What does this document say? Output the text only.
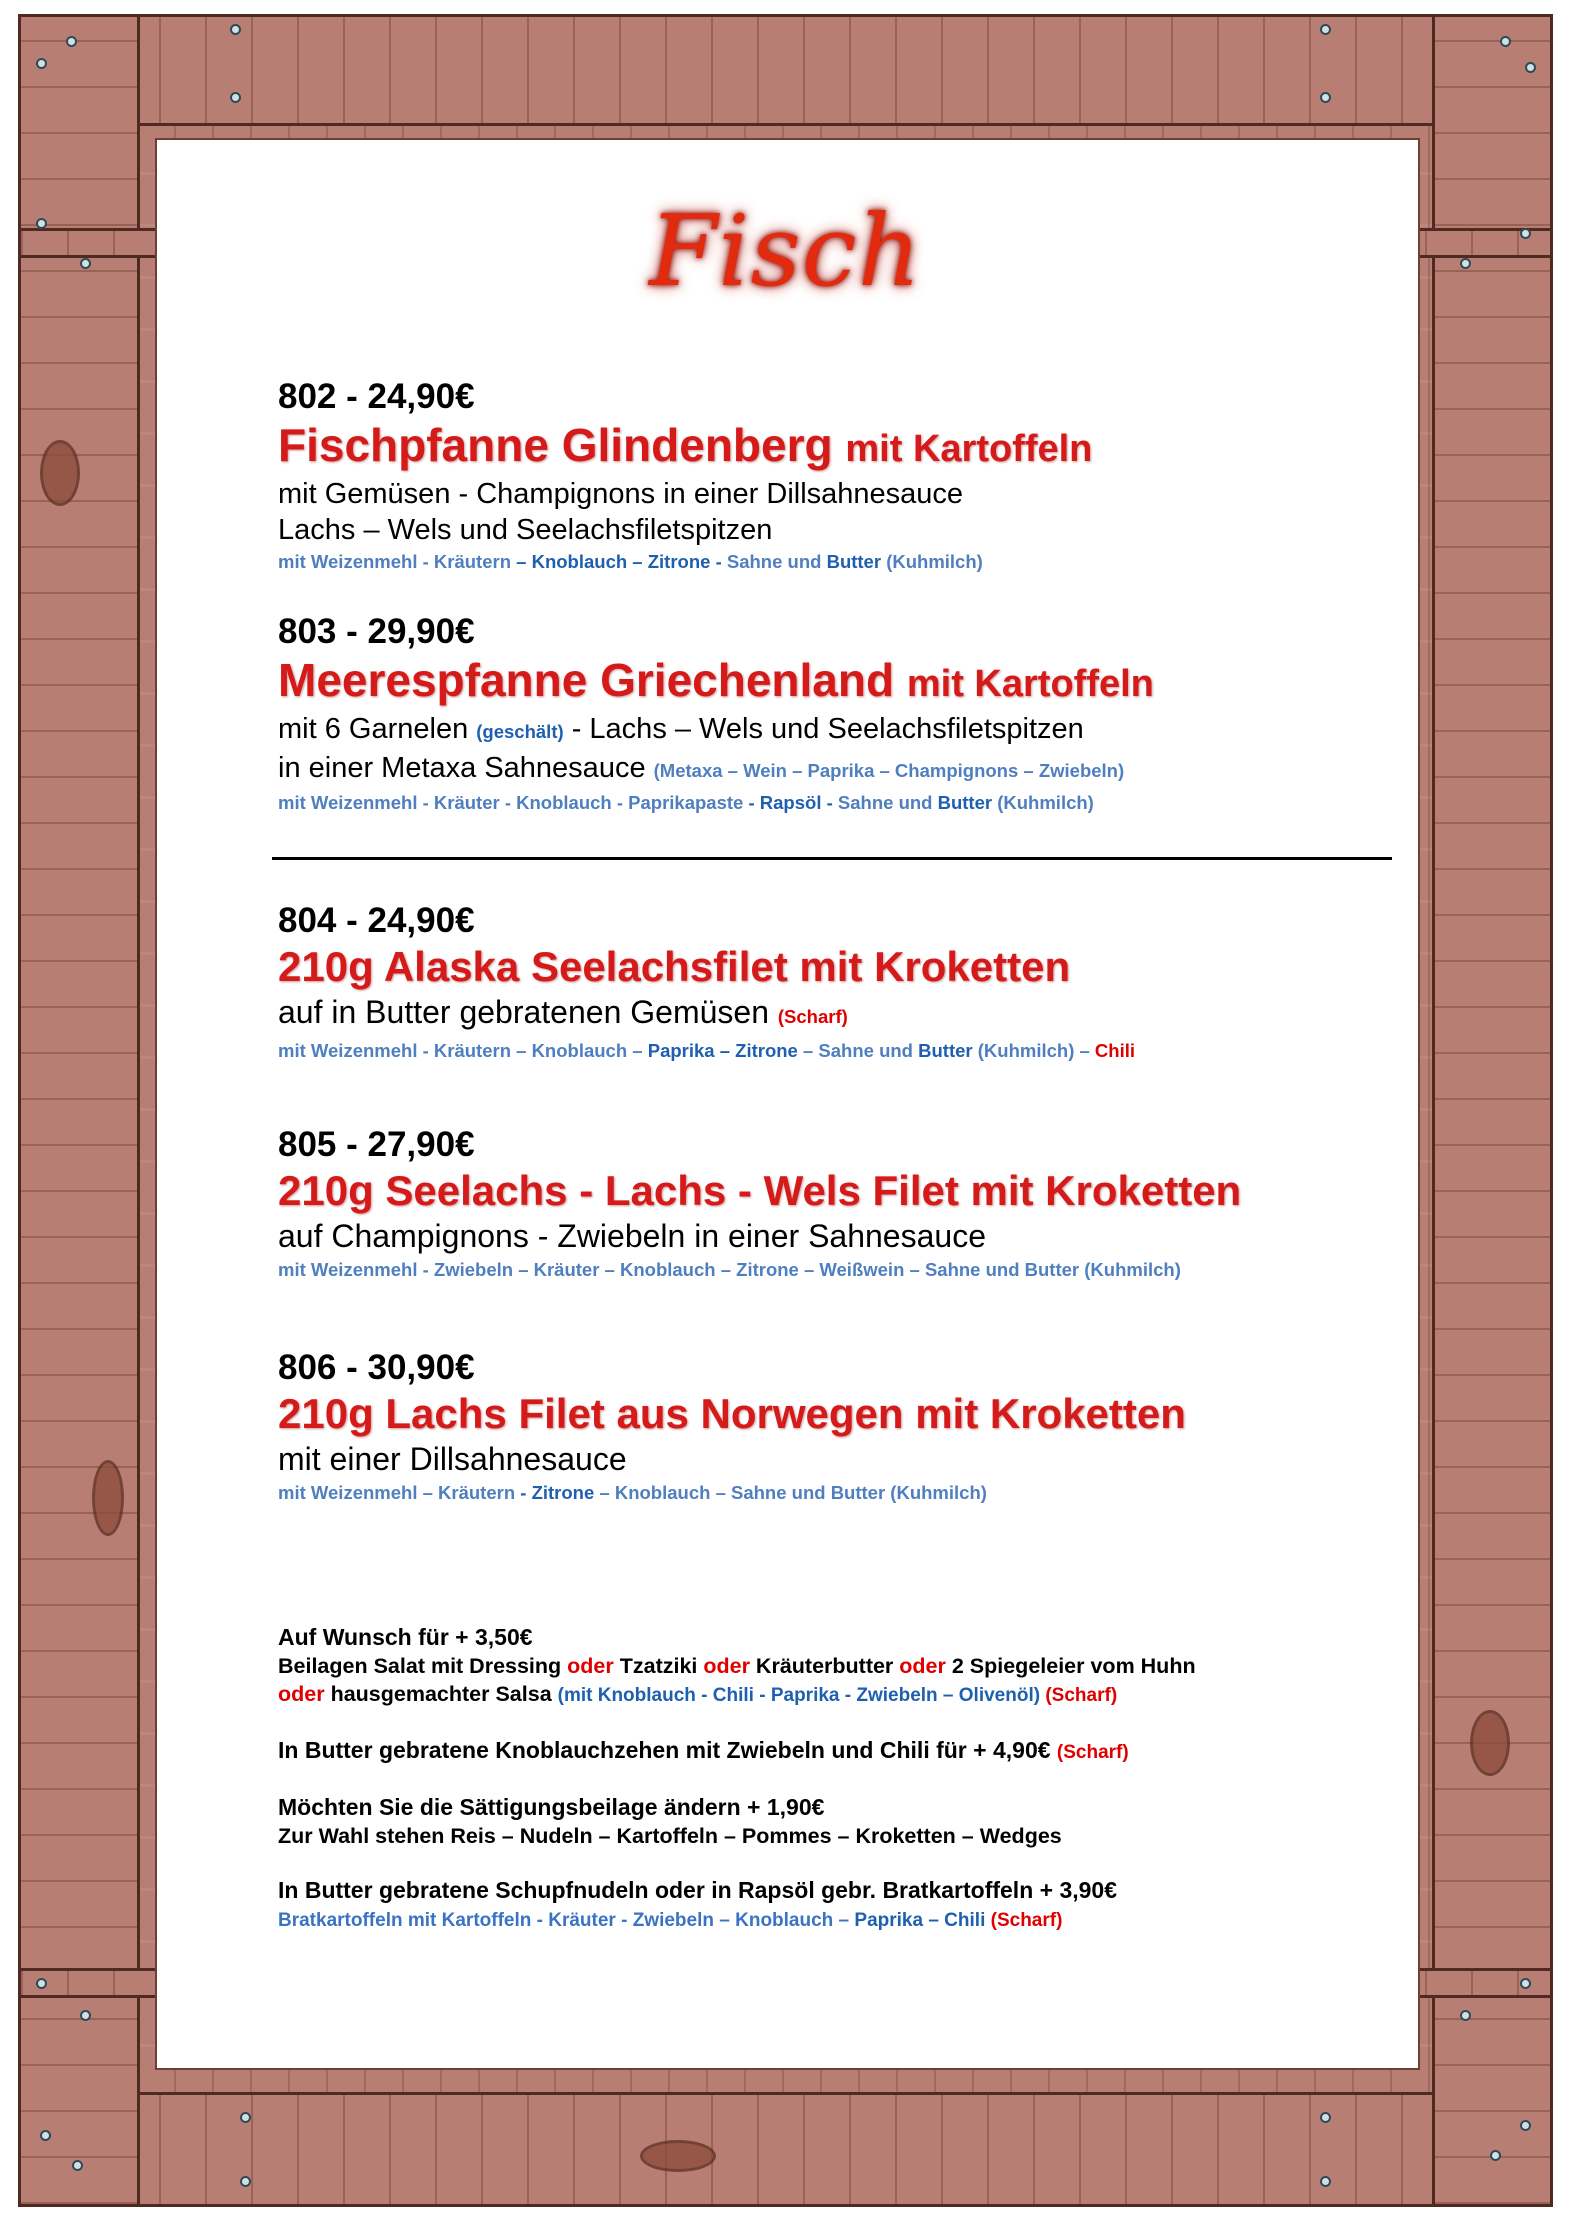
Fisch
802 - 24,90€
Fischpfanne Glindenberg mit Kartoffeln
mit Gemüsen - Champignons in einer Dillsahnesauce
Lachs – Wels und Seelachsfiletspitzen
mit Weizenmehl - Kräutern – Knoblauch – Zitrone - Sahne und Butter (Kuhmilch)
803 - 29,90€
Meerespfanne Griechenland mit Kartoffeln
mit 6 Garnelen (geschält) - Lachs – Wels und Seelachsfiletspitzen
in einer Metaxa Sahnesauce (Metaxa – Wein – Paprika – Champignons – Zwiebeln)
mit Weizenmehl - Kräuter - Knoblauch - Paprikapaste - Rapsöl - Sahne und Butter (Kuhmilch)
804 - 24,90€
210g Alaska Seelachsfilet mit Kroketten
auf in Butter gebratenen Gemüsen (Scharf)
mit Weizenmehl - Kräutern – Knoblauch – Paprika – Zitrone – Sahne und Butter (Kuhmilch) – Chili
805 - 27,90€
210g Seelachs - Lachs - Wels Filet mit Kroketten
auf Champignons - Zwiebeln in einer Sahnesauce
mit Weizenmehl - Zwiebeln – Kräuter – Knoblauch – Zitrone – Weißwein – Sahne und Butter (Kuhmilch)
806 - 30,90€
210g Lachs Filet aus Norwegen mit Kroketten
mit einer Dillsahnesauce
mit Weizenmehl – Kräutern - Zitrone – Knoblauch – Sahne und Butter (Kuhmilch)
Auf Wunsch für + 3,50€
Beilagen Salat mit Dressing oder Tzatziki oder Kräuterbutter oder 2 Spiegeleier vom Huhn
oder hausgemachter Salsa (mit Knoblauch - Chili - Paprika - Zwiebeln – Olivenöl) (Scharf)
In Butter gebratene Knoblauchzehen mit Zwiebeln und Chili für + 4,90€ (Scharf)
Möchten Sie die Sättigungsbeilage ändern + 1,90€
Zur Wahl stehen Reis – Nudeln – Kartoffeln – Pommes – Kroketten – Wedges
In Butter gebratene Schupfnudeln oder in Rapsöl gebr. Bratkartoffeln + 3,90€
Bratkartoffeln mit Kartoffeln - Kräuter - Zwiebeln – Knoblauch – Paprika – Chili (Scharf)
